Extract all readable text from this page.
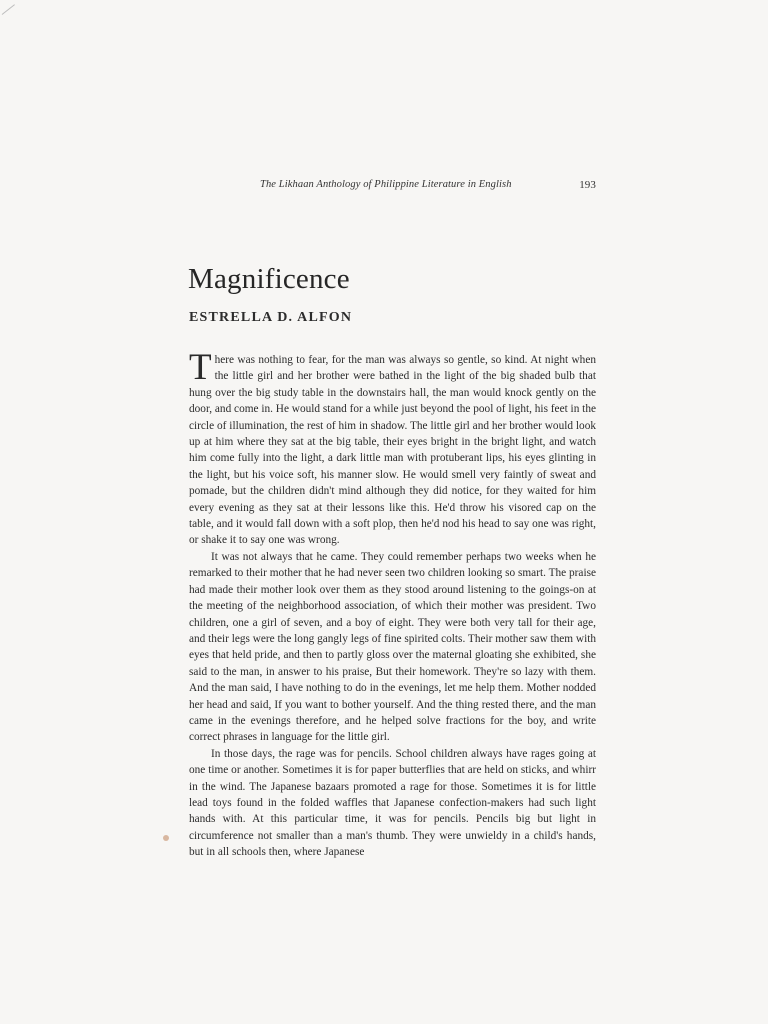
The Likhaan Anthology of Philippine Literature in English	193
Magnificence
ESTRELLA D. ALFON

There was nothing to fear, for the man was always so gentle, so kind. At night when the little girl and her brother were bathed in the light of the big shaded bulb that hung over the big study table in the downstairs hall, the man would knock gently on the door, and come in. He would stand for a while just beyond the pool of light, his feet in the circle of illumination, the rest of him in shadow. The little girl and her brother would look up at him where they sat at the big table, their eyes bright in the bright light, and watch him come fully into the light, a dark little man with protuberant lips, his eyes glinting in the light, but his voice soft, his manner slow. He would smell very faintly of sweat and pomade, but the children didn't mind although they did notice, for they waited for him every evening as they sat at their lessons like this. He'd throw his visored cap on the table, and it would fall down with a soft plop, then he'd nod his head to say one was right, or shake it to say one was wrong.

It was not always that he came. They could remember perhaps two weeks when he remarked to their mother that he had never seen two children looking so smart. The praise had made their mother look over them as they stood around listening to the goings-on at the meeting of the neighborhood association, of which their mother was president. Two children, one a girl of seven, and a boy of eight. They were both very tall for their age, and their legs were the long gangly legs of fine spirited colts. Their mother saw them with eyes that held pride, and then to partly gloss over the maternal gloating she exhibited, she said to the man, in answer to his praise, But their homework. They're so lazy with them. And the man said, I have nothing to do in the evenings, let me help them. Mother nodded her head and said, If you want to bother yourself. And the thing rested there, and the man came in the evenings therefore, and he helped solve fractions for the boy, and write correct phrases in language for the little girl.

In those days, the rage was for pencils. School children always have rages going at one time or another. Sometimes it is for paper butterflies that are held on sticks, and whirr in the wind. The Japanese bazaars promoted a rage for those. Sometimes it is for little lead toys found in the folded waffles that Japanese confection-makers had such light hands with. At this particular time, it was for pencils. Pencils big but light in circumference not smaller than a man's thumb. They were unwieldy in a child's hands, but in all schools then, where Japanese
